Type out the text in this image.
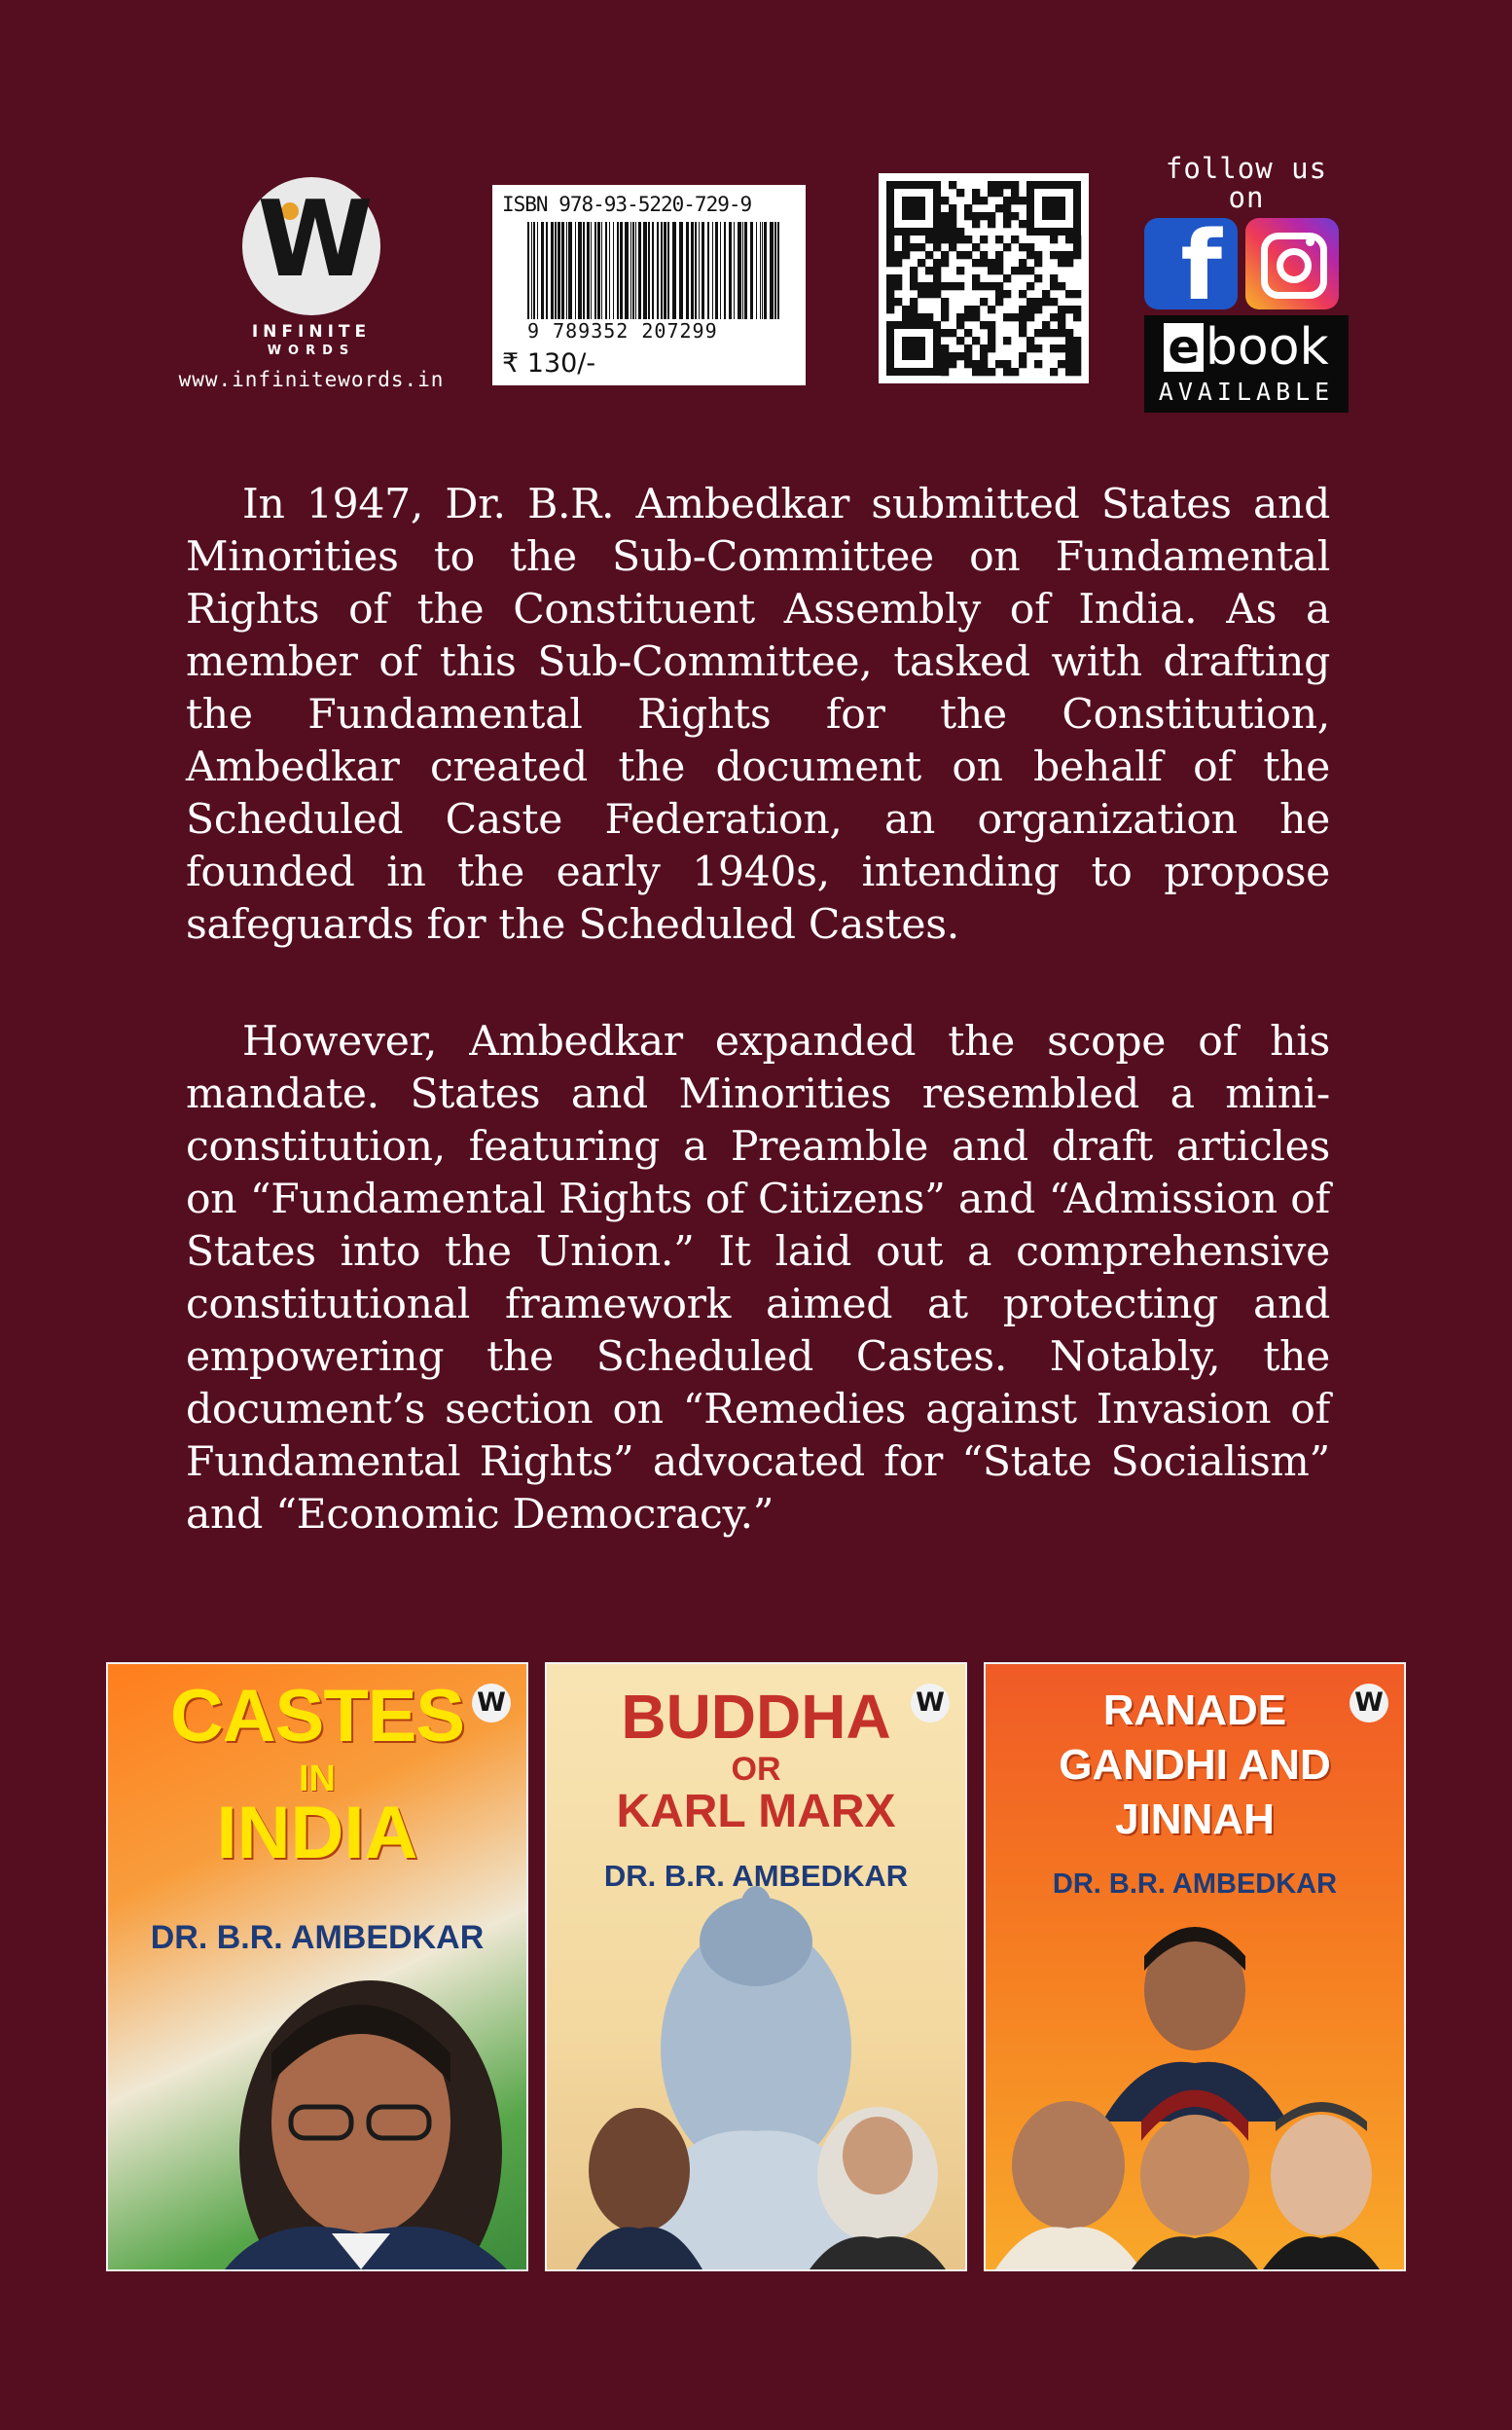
W
INFINITE
WORDS
www.infinitewords.in
ISBN 978-93-5220-729-9
9 789352 207299
₹ 130/-
follow us on
f
e book
AVAILABLE

In 1947, Dr. B.R. Ambedkar submitted States and Minorities to the Sub-Committee on Fundamental Rights of the Constituent Assembly of India. As a member of this Sub-Committee, tasked with drafting the Fundamental Rights for the Constitution, Ambedkar created the document on behalf of the Scheduled Caste Federation, an organization he founded in the early 1940s, intending to propose safeguards for the Scheduled Castes.

However, Ambedkar expanded the scope of his mandate. States and Minorities resembled a mini-constitution, featuring a Preamble and draft articles on “Fundamental Rights of Citizens” and “Admission of States into the Union.” It laid out a comprehensive constitutional framework aimed at protecting and empowering the Scheduled Castes. Notably, the document’s section on “Remedies against Invasion of Fundamental Rights” advocated for “State Socialism” and “Economic Democracy.”

CASTES
IN
INDIA
DR. B.R. AMBEDKAR
W	BUDDHA
OR
KARL MARX
DR. B.R. AMBEDKAR
W	RANADE
GANDHI AND
JINNAH
DR. B.R. AMBEDKAR
W
